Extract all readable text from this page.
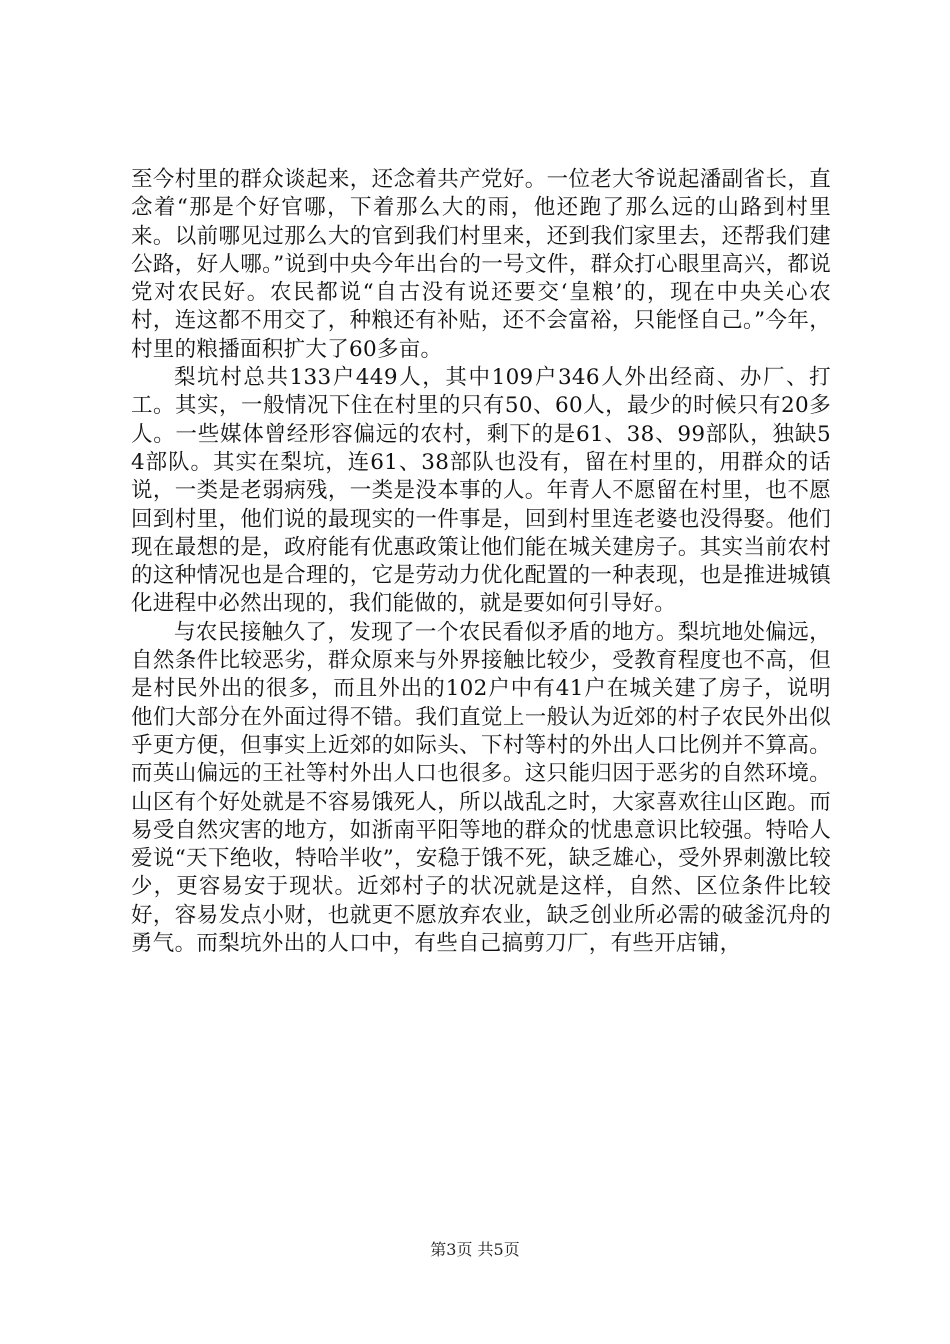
至今村里的群众谈起来，还念着共产党好。一位老大爷说起潘副省长，直念着“那是个好官哪，下着那么大的雨，他还跑了那么远的山路到村里来。以前哪见过那么大的官到我们村里来，还到我们家里去，还帮我们建公路，好人哪。”说到中央今年出台的一号文件，群众打心眼里高兴，都说党对农民好。农民都说“自古没有说还要交‘皇粮’的，现在中央关心农村，连这都不用交了，种粮还有补贴，还不会富裕，只能怪自己。”今年，村里的粮播面积扩大了60多亩。

梨坑村总共133户449人，其中109户346人外出经商、办厂、打工。其实，一般情况下住在村里的只有50、60人，最少的时候只有20多人。一些媒体曾经形容偏远的农村，剩下的是61、38、99部队，独缺54部队。其实在梨坑，连61、38部队也没有，留在村里的，用群众的话说，一类是老弱病残，一类是没本事的人。年青人不愿留在村里，也不愿回到村里，他们说的最现实的一件事是，回到村里连老婆也没得娶。他们现在最想的是，政府能有优惠政策让他们能在城关建房子。其实当前农村的这种情况也是合理的，它是劳动力优化配置的一种表现，也是推进城镇化进程中必然出现的，我们能做的，就是要如何引导好。

与农民接触久了，发现了一个农民看似矛盾的地方。梨坑地处偏远，自然条件比较恶劣，群众原来与外界接触比较少，受教育程度也不高，但是村民外出的很多，而且外出的102户中有41户在城关建了房子，说明他们大部分在外面过得不错。我们直觉上一般认为近郊的村子农民外出似乎更方便，但事实上近郊的如际头、下村等村的外出人口比例并不算高。而英山偏远的王社等村外出人口也很多。这只能归因于恶劣的自然环境。山区有个好处就是不容易饿死人，所以战乱之时，大家喜欢往山区跑。而易受自然灾害的地方，如浙南平阳等地的群众的忧患意识比较强。特哈人爱说“天下绝收，特哈半收”，安稳于饿不死，缺乏雄心，受外界刺激比较少，更容易安于现状。近郊村子的状况就是这样，自然、区位条件比较好，容易发点小财，也就更不愿放弃农业，缺乏创业所必需的破釜沉舟的勇气。而梨坑外出的人口中，有些自己搞剪刀厂，有些开店铺，

第3页 共5页
